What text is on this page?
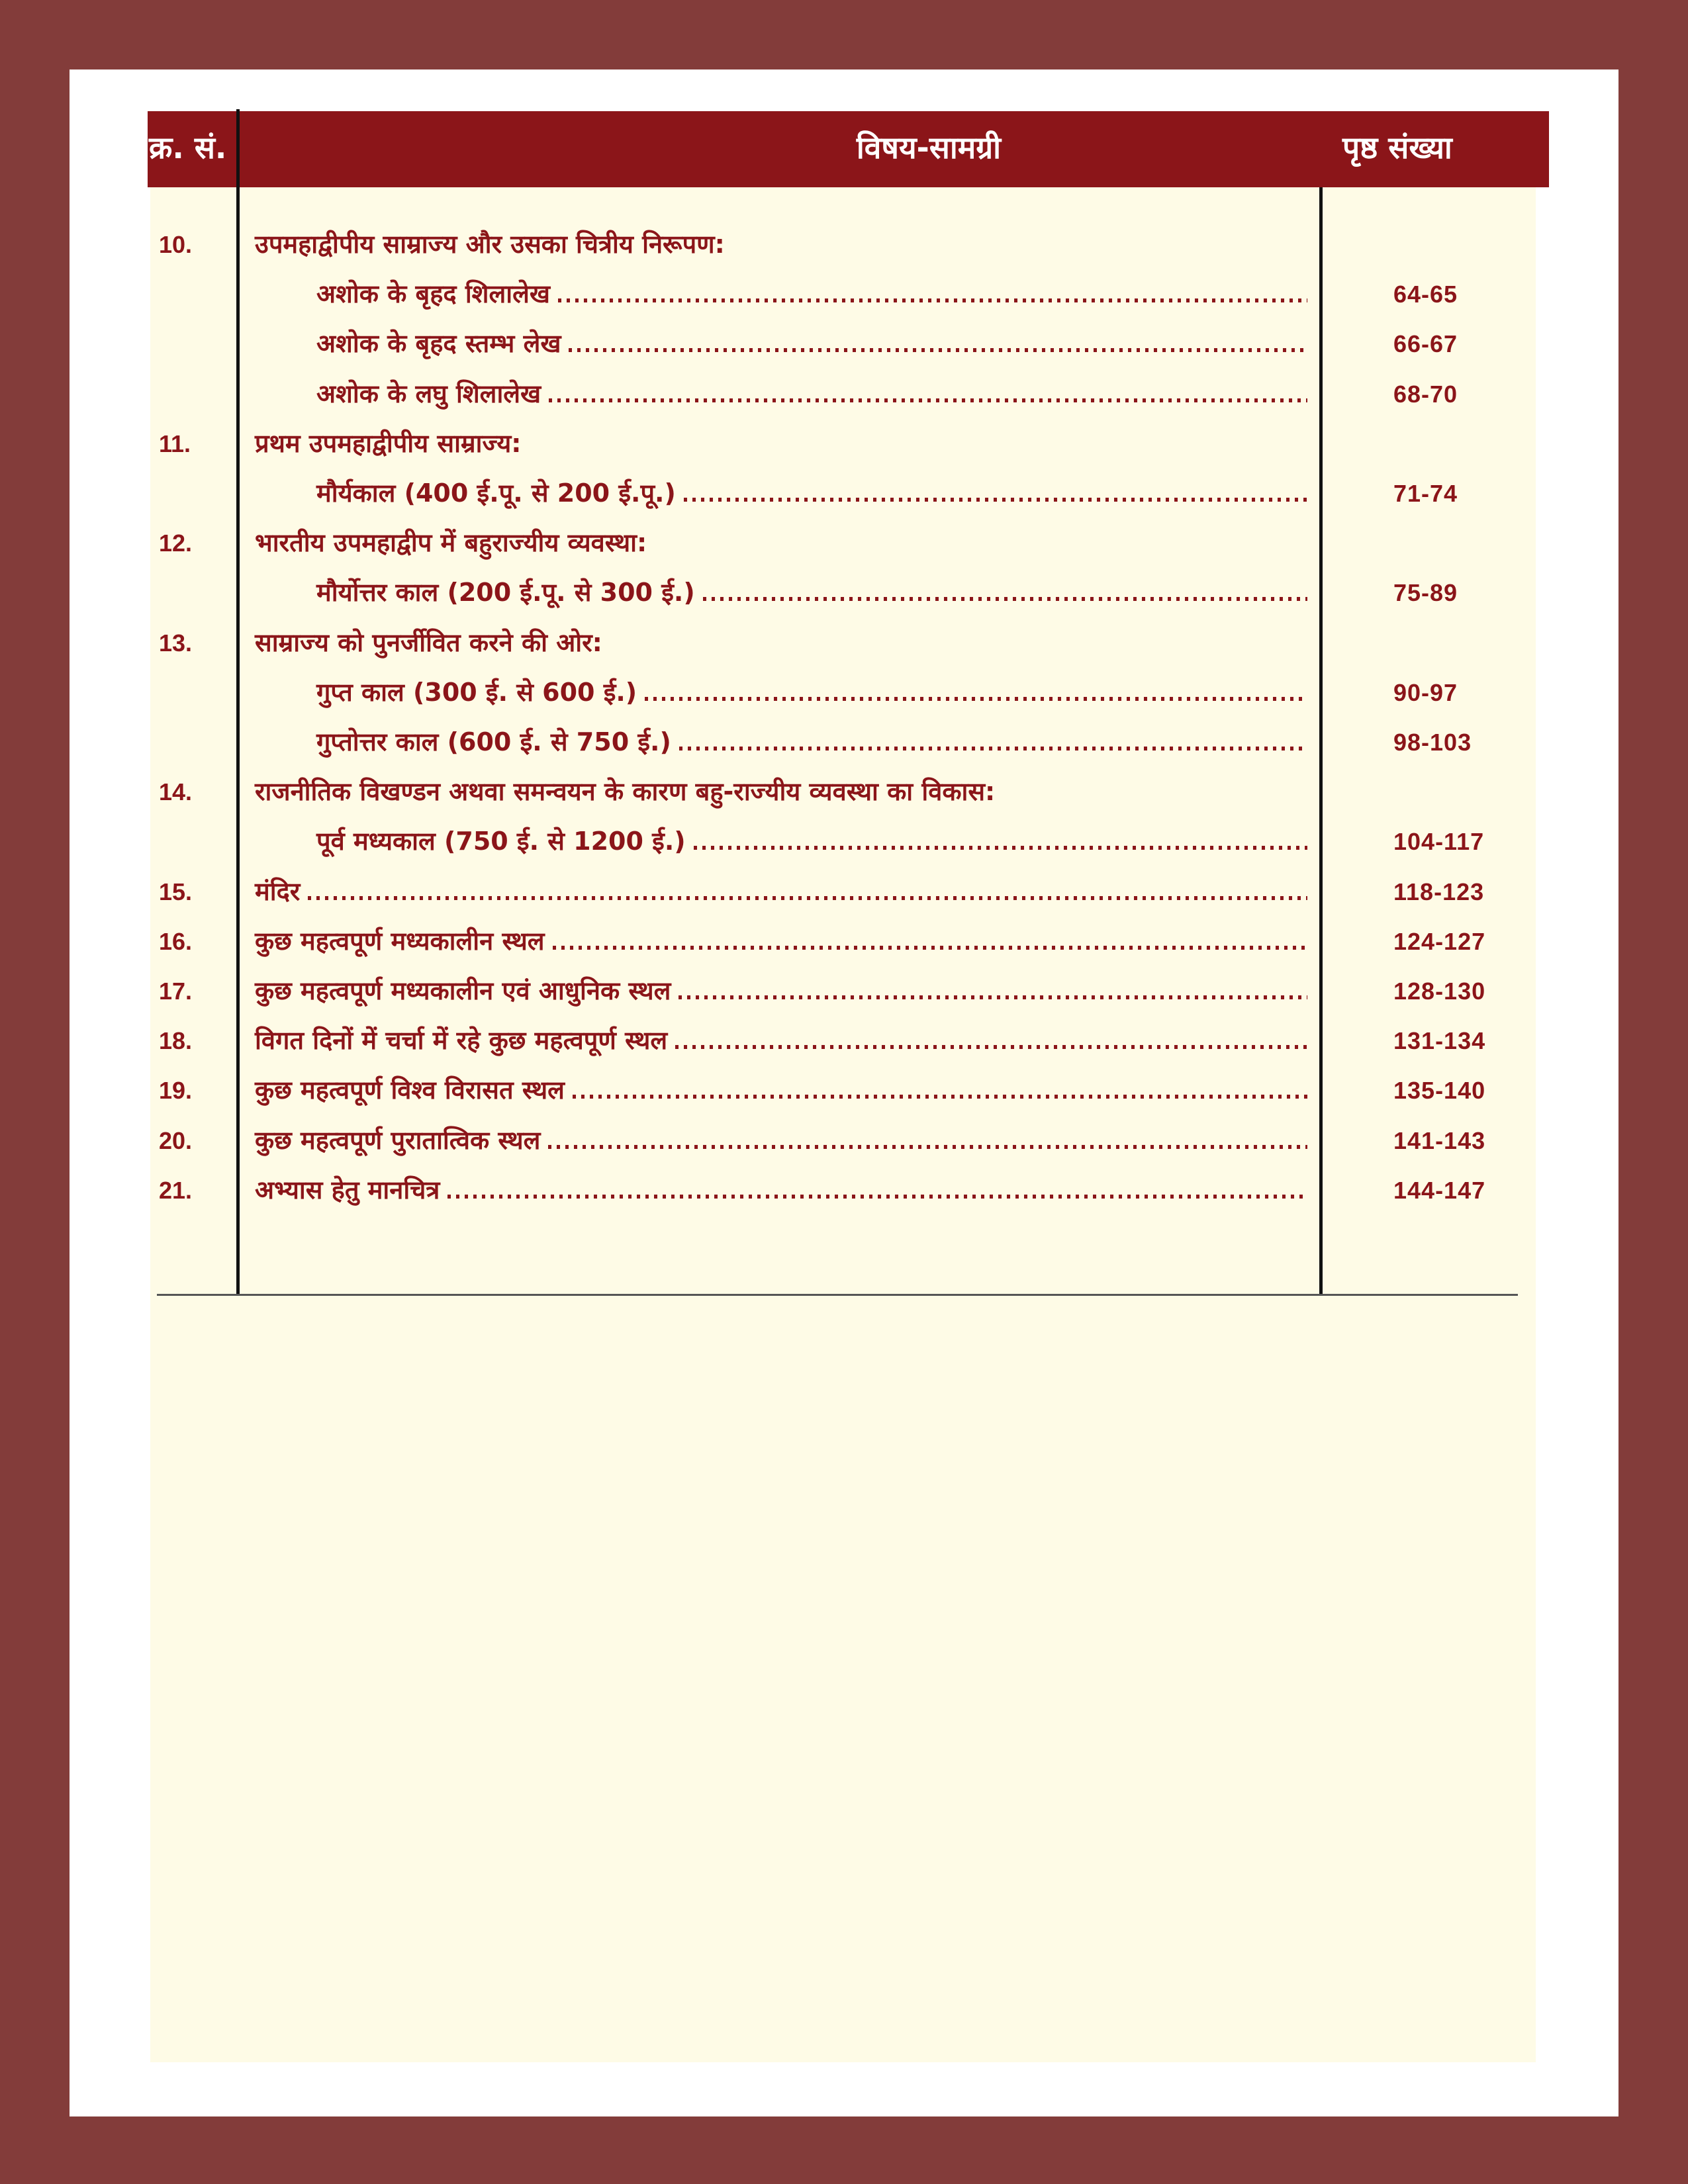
क्र. सं.	विषय-सामग्री	पृष्ठ संख्या
10. उपमहाद्वीपीय साम्राज्य और उसका चित्रीय निरूपण:
अशोक के बृहद शिलालेख	64-65
अशोक के बृहद स्तम्भ लेख	66-67
अशोक के लघु शिलालेख	68-70
11.	प्रथम उपमहाद्वीपीय साम्राज्य:
मौर्यकाल (400 ई.पू. से 200 ई.पू.)	71-74
12. भारतीय उपमहाद्वीप में बहुराज्यीय व्यवस्था:
मौर्योत्तर काल (200 ई.पू. से 300 ई.)	75-89
13. साम्राज्य को पुनर्जीवित करने की ओर:
गुप्त काल (300 ई. से 600 ई.)	90-97
गुप्तोत्तर काल (600 ई. से 750 ई.)	98-103
14. राजनीतिक विखण्डन अथवा समन्वयन के कारण बहु-राज्यीय व्यवस्था का विकास:
पूर्व मध्यकाल (750 ई. से 1200 ई.)	104-117
15. मंदिर	118-123
16. कुछ महत्वपूर्ण मध्यकालीन स्थल	124-127
17. कुछ महत्वपूर्ण मध्यकालीन एवं आधुनिक स्थल	128-130
18. विगत दिनों में चर्चा में रहे कुछ महत्वपूर्ण स्थल	131-134
19. कुछ महत्वपूर्ण विश्व विरासत स्थल	135-140
20. कुछ महत्वपूर्ण पुरातात्विक स्थल	141-143
21. अभ्यास हेतु मानचित्र	144-147
